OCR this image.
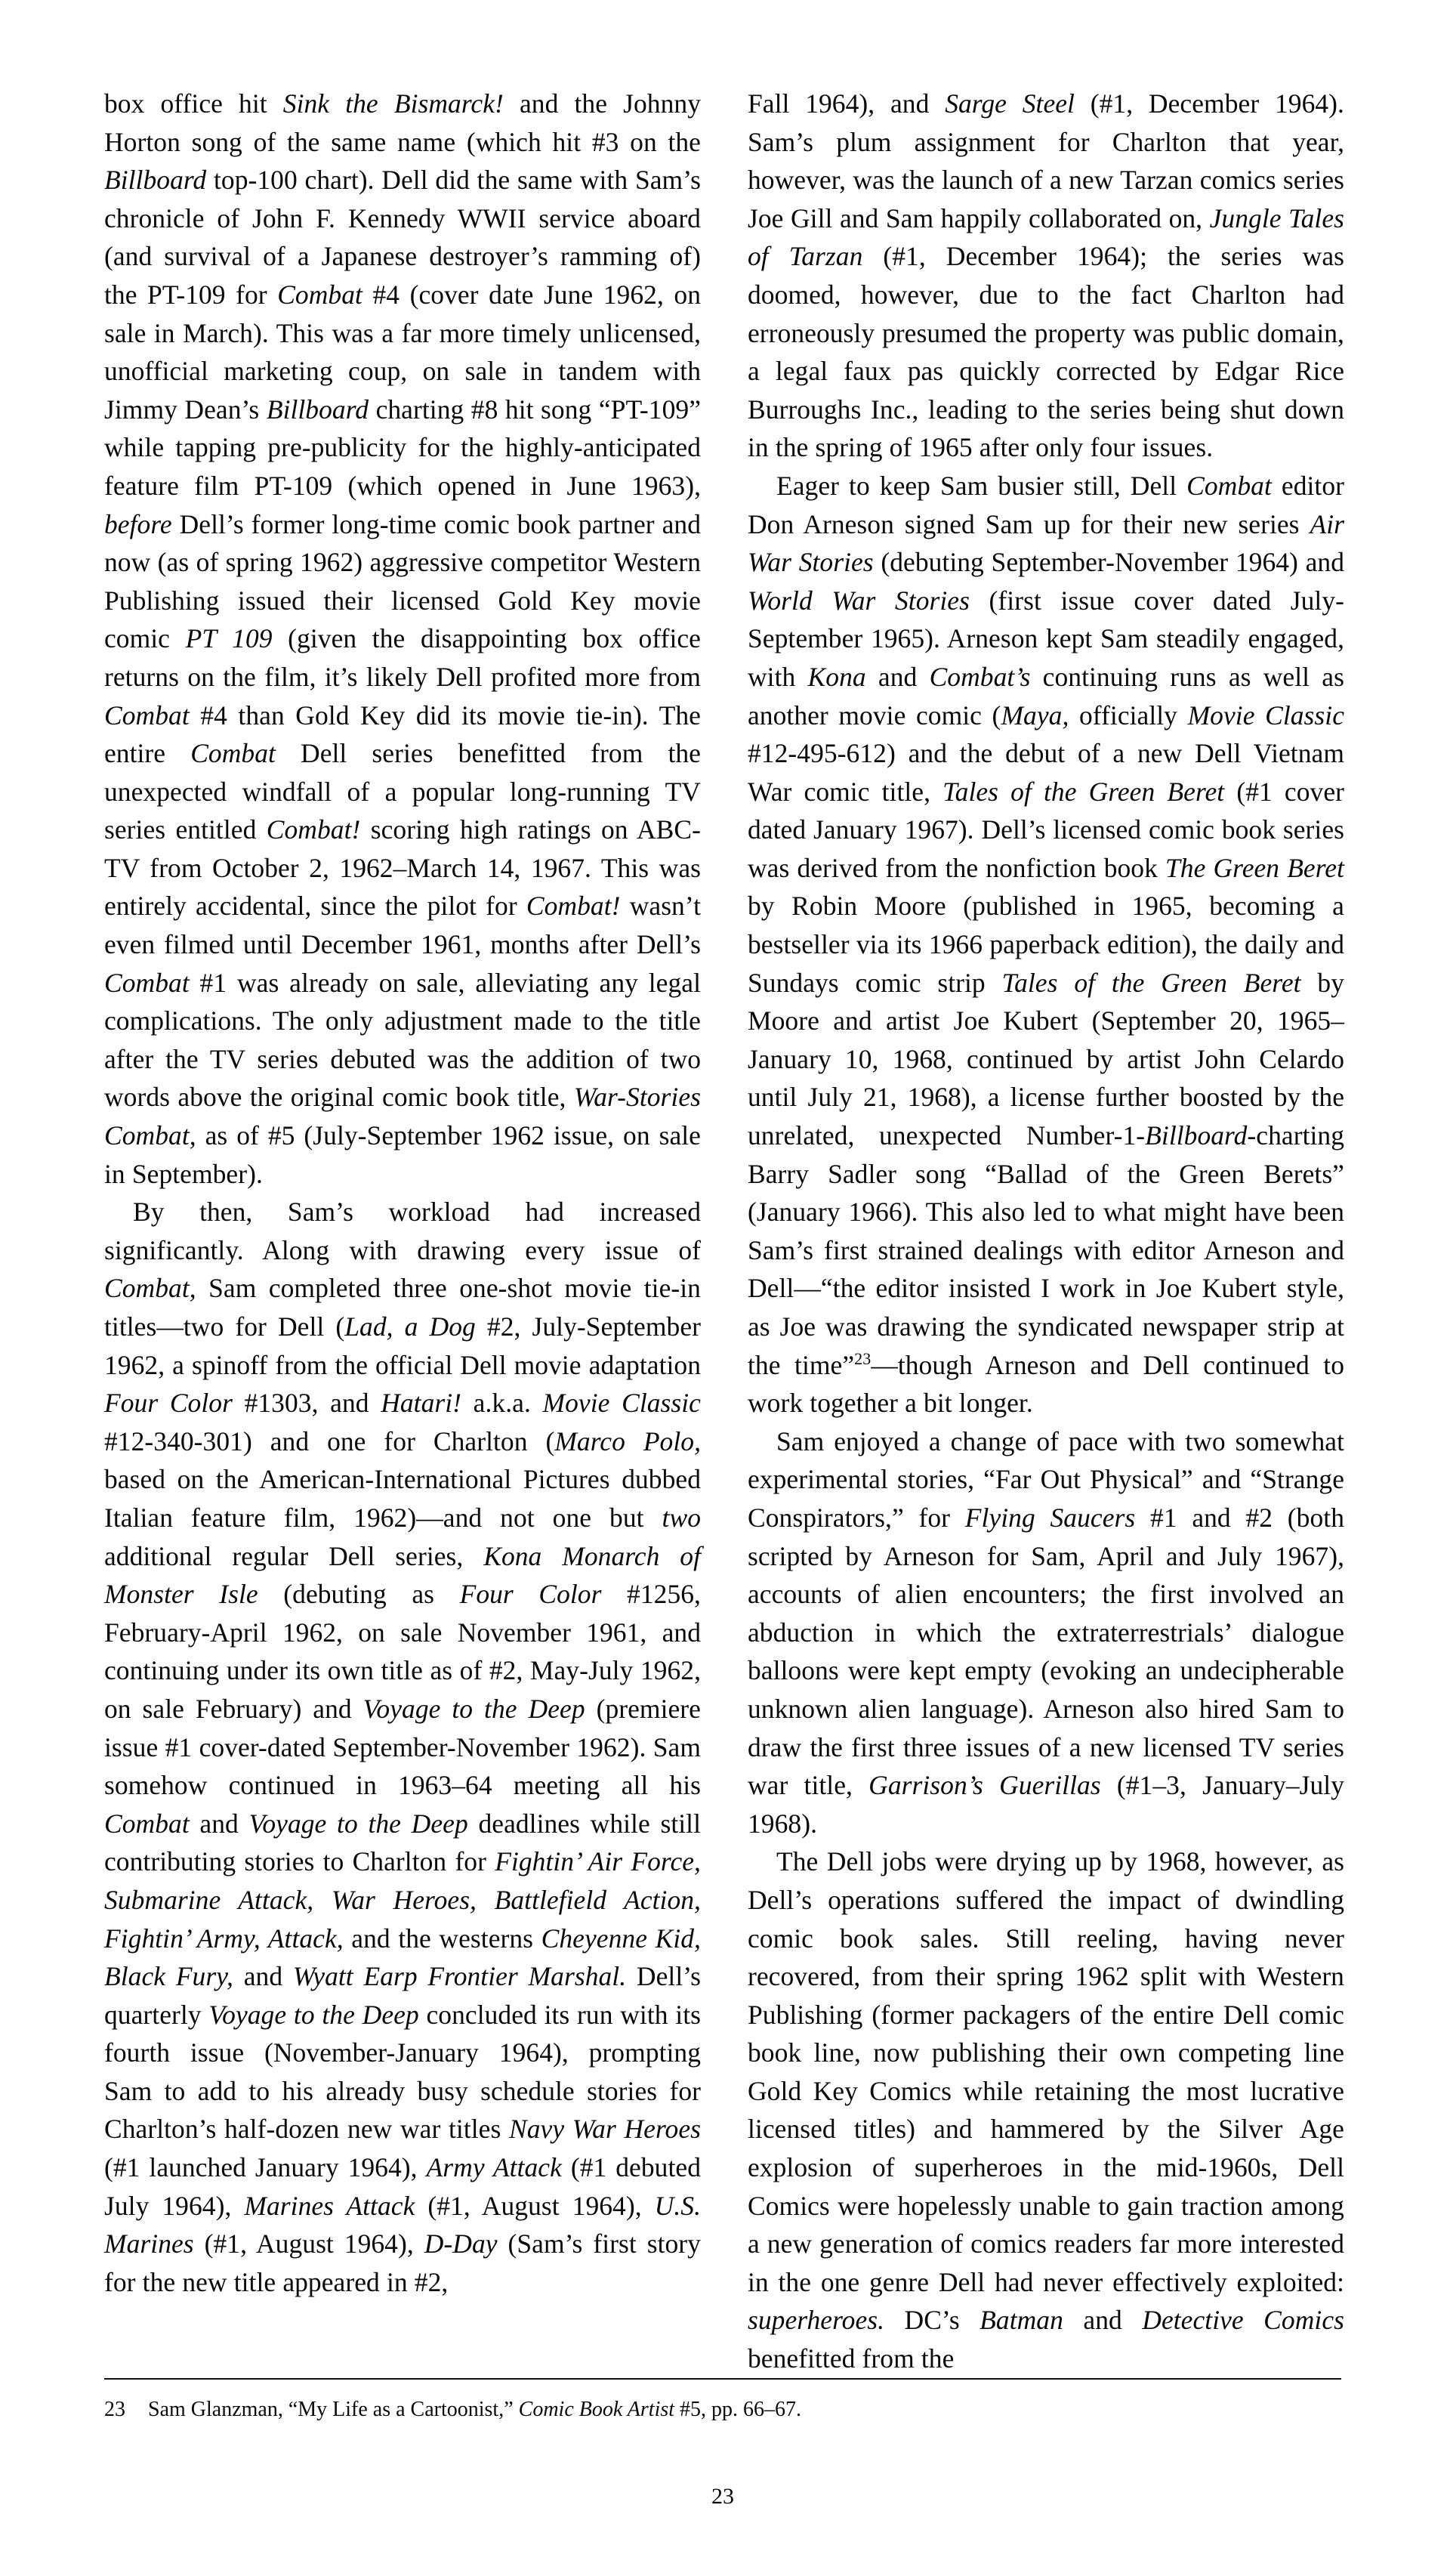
box office hit Sink the Bismarck! and the Johnny Horton song of the same name (which hit #3 on the Billboard top-100 chart). Dell did the same with Sam’s chronicle of John F. Kennedy WWII service aboard (and survival of a Japanese destroyer’s ramming of) the PT-109 for Combat #4 (cover date June 1962, on sale in March). This was a far more timely unlicensed, unofficial marketing coup, on sale in tandem with Jimmy Dean’s Billboard charting #8 hit song “PT-109” while tapping pre-publicity for the highly-anticipated feature film PT-109 (which opened in June 1963), before Dell’s former long-time comic book partner and now (as of spring 1962) aggressive competitor Western Publishing issued their licensed Gold Key movie comic PT 109 (given the disappointing box office returns on the film, it’s likely Dell profited more from Combat #4 than Gold Key did its movie tie-in). The entire Combat Dell series benefitted from the unexpected windfall of a popular long-running TV series entitled Combat! scoring high ratings on ABC-TV from October 2, 1962–March 14, 1967. This was entirely accidental, since the pilot for Combat! wasn’t even filmed until December 1961, months after Dell’s Combat #1 was already on sale, alleviating any legal complications. The only adjustment made to the title after the TV series debuted was the addition of two words above the original comic book title, War-Stories Combat, as of #5 (July-September 1962 issue, on sale in September).

By then, Sam’s workload had increased significantly. Along with drawing every issue of Combat, Sam completed three one-shot movie tie-in titles—two for Dell (Lad, a Dog #2, July-September 1962, a spinoff from the official Dell movie adaptation Four Color #1303, and Hatari! a.k.a. Movie Classic #12-340-301) and one for Charlton (Marco Polo, based on the American-International Pictures dubbed Italian feature film, 1962)—and not one but two additional regular Dell series, Kona Monarch of Monster Isle (debuting as Four Color #1256, February-April 1962, on sale November 1961, and continuing under its own title as of #2, May-July 1962, on sale February) and Voyage to the Deep (premiere issue #1 cover-dated September-November 1962). Sam somehow continued in 1963–64 meeting all his Combat and Voyage to the Deep deadlines while still contributing stories to Charlton for Fightin’ Air Force, Submarine Attack, War Heroes, Battlefield Action, Fightin’ Army, Attack, and the westerns Cheyenne Kid, Black Fury, and Wyatt Earp Frontier Marshal. Dell’s quarterly Voyage to the Deep concluded its run with its fourth issue (November-January 1964), prompting Sam to add to his already busy schedule stories for Charlton’s half-dozen new war titles Navy War Heroes (#1 launched January 1964), Army Attack (#1 debuted July 1964), Marines Attack (#1, August 1964), U.S. Marines (#1, August 1964), D-Day (Sam’s first story for the new title appeared in #2,

Fall 1964), and Sarge Steel (#1, December 1964). Sam’s plum assignment for Charlton that year, however, was the launch of a new Tarzan comics series Joe Gill and Sam happily collaborated on, Jungle Tales of Tarzan (#1, December 1964); the series was doomed, however, due to the fact Charlton had erroneously presumed the property was public domain, a legal faux pas quickly corrected by Edgar Rice Burroughs Inc., leading to the series being shut down in the spring of 1965 after only four issues.

Eager to keep Sam busier still, Dell Combat editor Don Arneson signed Sam up for their new series Air War Stories (debuting September-November 1964) and World War Stories (first issue cover dated July-September 1965). Arneson kept Sam steadily engaged, with Kona and Combat’s continuing runs as well as another movie comic (Maya, officially Movie Classic #12-495-612) and the debut of a new Dell Vietnam War comic title, Tales of the Green Beret (#1 cover dated January 1967). Dell’s licensed comic book series was derived from the nonfiction book The Green Beret by Robin Moore (published in 1965, becoming a bestseller via its 1966 paperback edition), the daily and Sundays comic strip Tales of the Green Beret by Moore and artist Joe Kubert (September 20, 1965–January 10, 1968, continued by artist John Celardo until July 21, 1968), a license further boosted by the unrelated, unexpected Number-1-Billboard-charting Barry Sadler song “Ballad of the Green Berets” (January 1966). This also led to what might have been Sam’s first strained dealings with editor Arneson and Dell—“the editor insisted I work in Joe Kubert style, as Joe was drawing the syndicated newspaper strip at the time”$^{23}$—though Arneson and Dell continued to work together a bit longer.

Sam enjoyed a change of pace with two somewhat experimental stories, “Far Out Physical” and “Strange Conspirators,” for Flying Saucers #1 and #2 (both scripted by Arneson for Sam, April and July 1967), accounts of alien encounters; the first involved an abduction in which the extraterrestrials’ dialogue balloons were kept empty (evoking an undecipherable unknown alien language). Arneson also hired Sam to draw the first three issues of a new licensed TV series war title, Garrison’s Guerillas (#1–3, January–July 1968).

The Dell jobs were drying up by 1968, however, as Dell’s operations suffered the impact of dwindling comic book sales. Still reeling, having never recovered, from their spring 1962 split with Western Publishing (former packagers of the entire Dell comic book line, now publishing their own competing line Gold Key Comics while retaining the most lucrative licensed titles) and hammered by the Silver Age explosion of superheroes in the mid-1960s, Dell Comics were hopelessly unable to gain traction among a new generation of comics readers far more interested in the one genre Dell had never effectively exploited: superheroes. DC’s Batman and Detective Comics benefitted from the

23 Sam Glanzman, “My Life as a Cartoonist,” Comic Book Artist #5, pp. 66–67.
23
